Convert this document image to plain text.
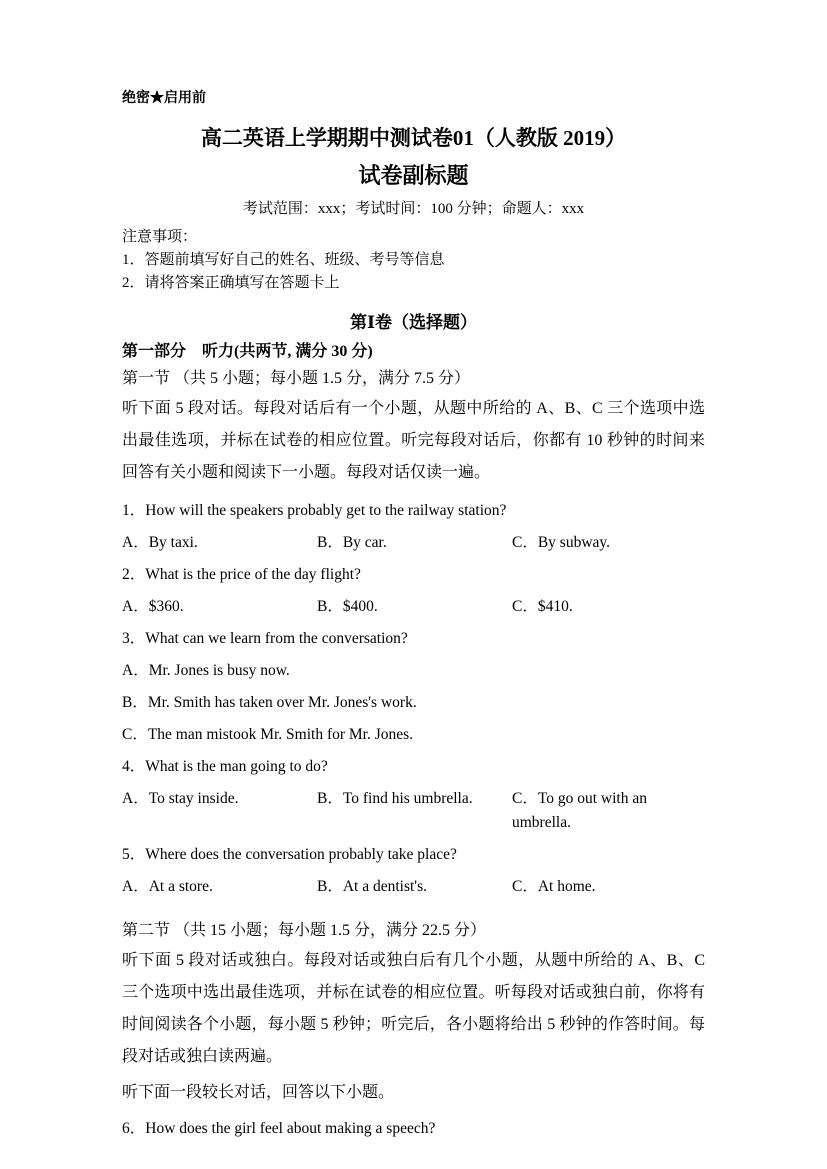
绝密★启用前
高二英语上学期期中测试卷01（人教版 2019）
试卷副标题
考试范围：xxx；考试时间：100 分钟；命题人：xxx
注意事项：
1．答题前填写好自己的姓名、班级、考号等信息
2．请将答案正确填写在答题卡上
第Ⅰ卷（选择题）
第一部分　听力(共两节, 满分 30 分)
第一节 （共 5 小题；每小题 1.5 分，满分 7.5 分）
听下面 5 段对话。每段对话后有一个小题，从题中所给的 A、B、C 三个选项中选出最佳选项，并标在试卷的相应位置。听完每段对话后，你都有 10 秒钟的时间来回答有关小题和阅读下一小题。每段对话仅读一遍。
1．How will the speakers probably get to the railway station?
A．By taxi.	B．By car.	C．By subway.
2．What is the price of the day flight?
A．$360.	B．$400.	C．$410.
3．What can we learn from the conversation?
A．Mr. Jones is busy now.
B．Mr. Smith has taken over Mr. Jones's work.
C．The man mistook Mr. Smith for Mr. Jones.
4．What is the man going to do?
A．To stay inside.	B．To find his umbrella.	C．To go out with an umbrella.
5．Where does the conversation probably take place?
A．At a store.	B．At a dentist's.	C．At home.
第二节 （共 15 小题；每小题 1.5 分，满分 22.5 分）
听下面 5 段对话或独白。每段对话或独白后有几个小题，从题中所给的 A、B、C 三个选项中选出最佳选项，并标在试卷的相应位置。听每段对话或独白前，你将有时间阅读各个小题，每小题 5 秒钟；听完后，各小题将给出 5 秒钟的作答时间。每段对话或独白读两遍。
听下面一段较长对话，回答以下小题。
6．How does the girl feel about making a speech?
